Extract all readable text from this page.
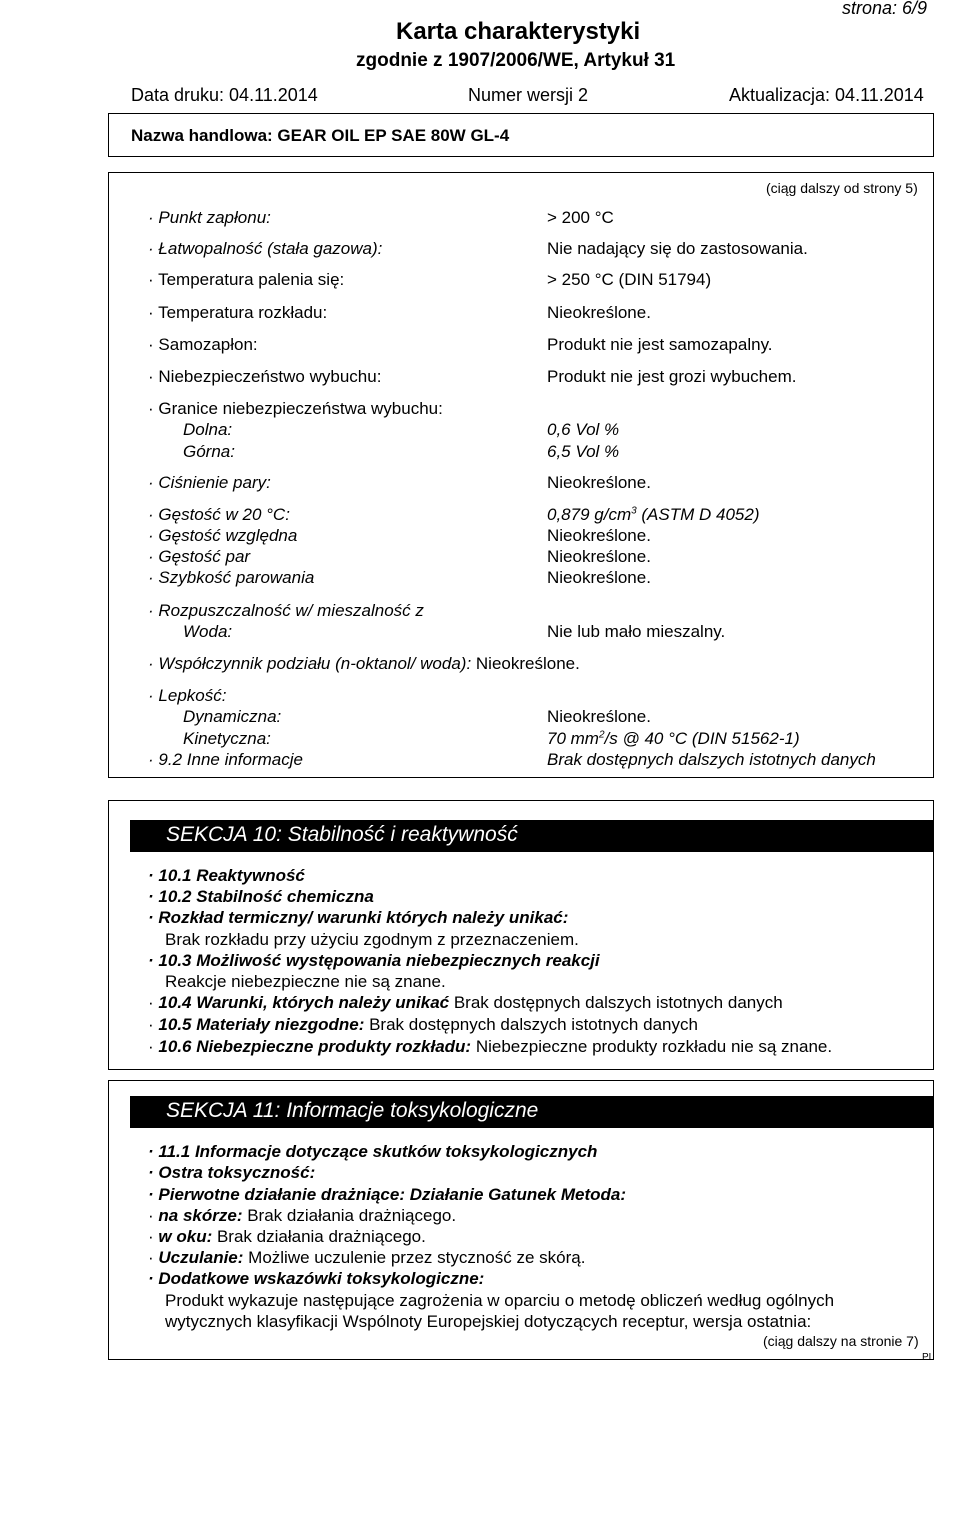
strona: 6/9
Karta charakterystyki
zgodnie z 1907/2006/WE, Artykuł 31
Data druku: 04.11.2014	Numer wersji 2	Aktualizacja: 04.11.2014
Nazwa handlowa: GEAR OIL EP SAE 80W GL-4
(ciąg dalszy od strony 5)
· Punkt zapłonu:	> 200 °C
· Łatwopalność (stała gazowa):	Nie nadający się do zastosowania.
· Temperatura palenia się:	> 250 °C (DIN 51794)
· Temperatura rozkładu:	Nieokreślone.
· Samozapłon:	Produkt nie jest samozapalny.
· Niebezpieczeństwo wybuchu:	Produkt nie jest grozi wybuchem.
· Granice niebezpieczeństwa wybuchu:
Dolna:	0,6 Vol %
Górna:	6,5 Vol %
· Ciśnienie pary:	Nieokreślone.
· Gęstość w 20 °C:	0,879 $g/cm^3$ (ASTM D 4052)
· Gęstość względna	Nieokreślone.
· Gęstość par	Nieokreślone.
· Szybkość parowania	Nieokreślone.
· Rozpuszczalność w/ mieszalność z
Woda:	Nie lub mało mieszalny.
· Współczynnik podziału (n-oktanol/ woda): Nieokreślone.
· Lepkość:
Dynamiczna:	Nieokreślone.
Kinetyczna:	70 $mm^2/s$ @ 40 °C (DIN 51562-1)
· 9.2 Inne informacje	Brak dostępnych dalszych istotnych danych
SEKCJA 10: Stabilność i reaktywność
· 10.1 Reaktywność
· 10.2 Stabilność chemiczna
· Rozkład termiczny/ warunki których należy unikać:
Brak rozkładu przy użyciu zgodnym z przeznaczeniem.
· 10.3 Możliwość występowania niebezpiecznych reakcji
Reakcje niebezpieczne nie są znane.
· 10.4 Warunki, których należy unikać Brak dostępnych dalszych istotnych danych
· 10.5 Materiały niezgodne: Brak dostępnych dalszych istotnych danych
· 10.6 Niebezpieczne produkty rozkładu: Niebezpieczne produkty rozkładu nie są znane.
SEKCJA 11: Informacje toksykologiczne
· 11.1 Informacje dotyczące skutków toksykologicznych
· Ostra toksyczność:
· Pierwotne działanie drażniące: Działanie Gatunek Metoda:
· na skórze: Brak działania drażniącego.
· w oku: Brak działania drażniącego.
· Uczulanie: Możliwe uczulenie przez styczność ze skórą.
· Dodatkowe wskazówki toksykologiczne:
Produkt wykazuje następujące zagrożenia w oparciu o metodę obliczeń według ogólnych
wytycznych klasyfikacji Wspólnoty Europejskiej dotyczących receptur, wersja ostatnia:
(ciąg dalszy na stronie 7)
PL
